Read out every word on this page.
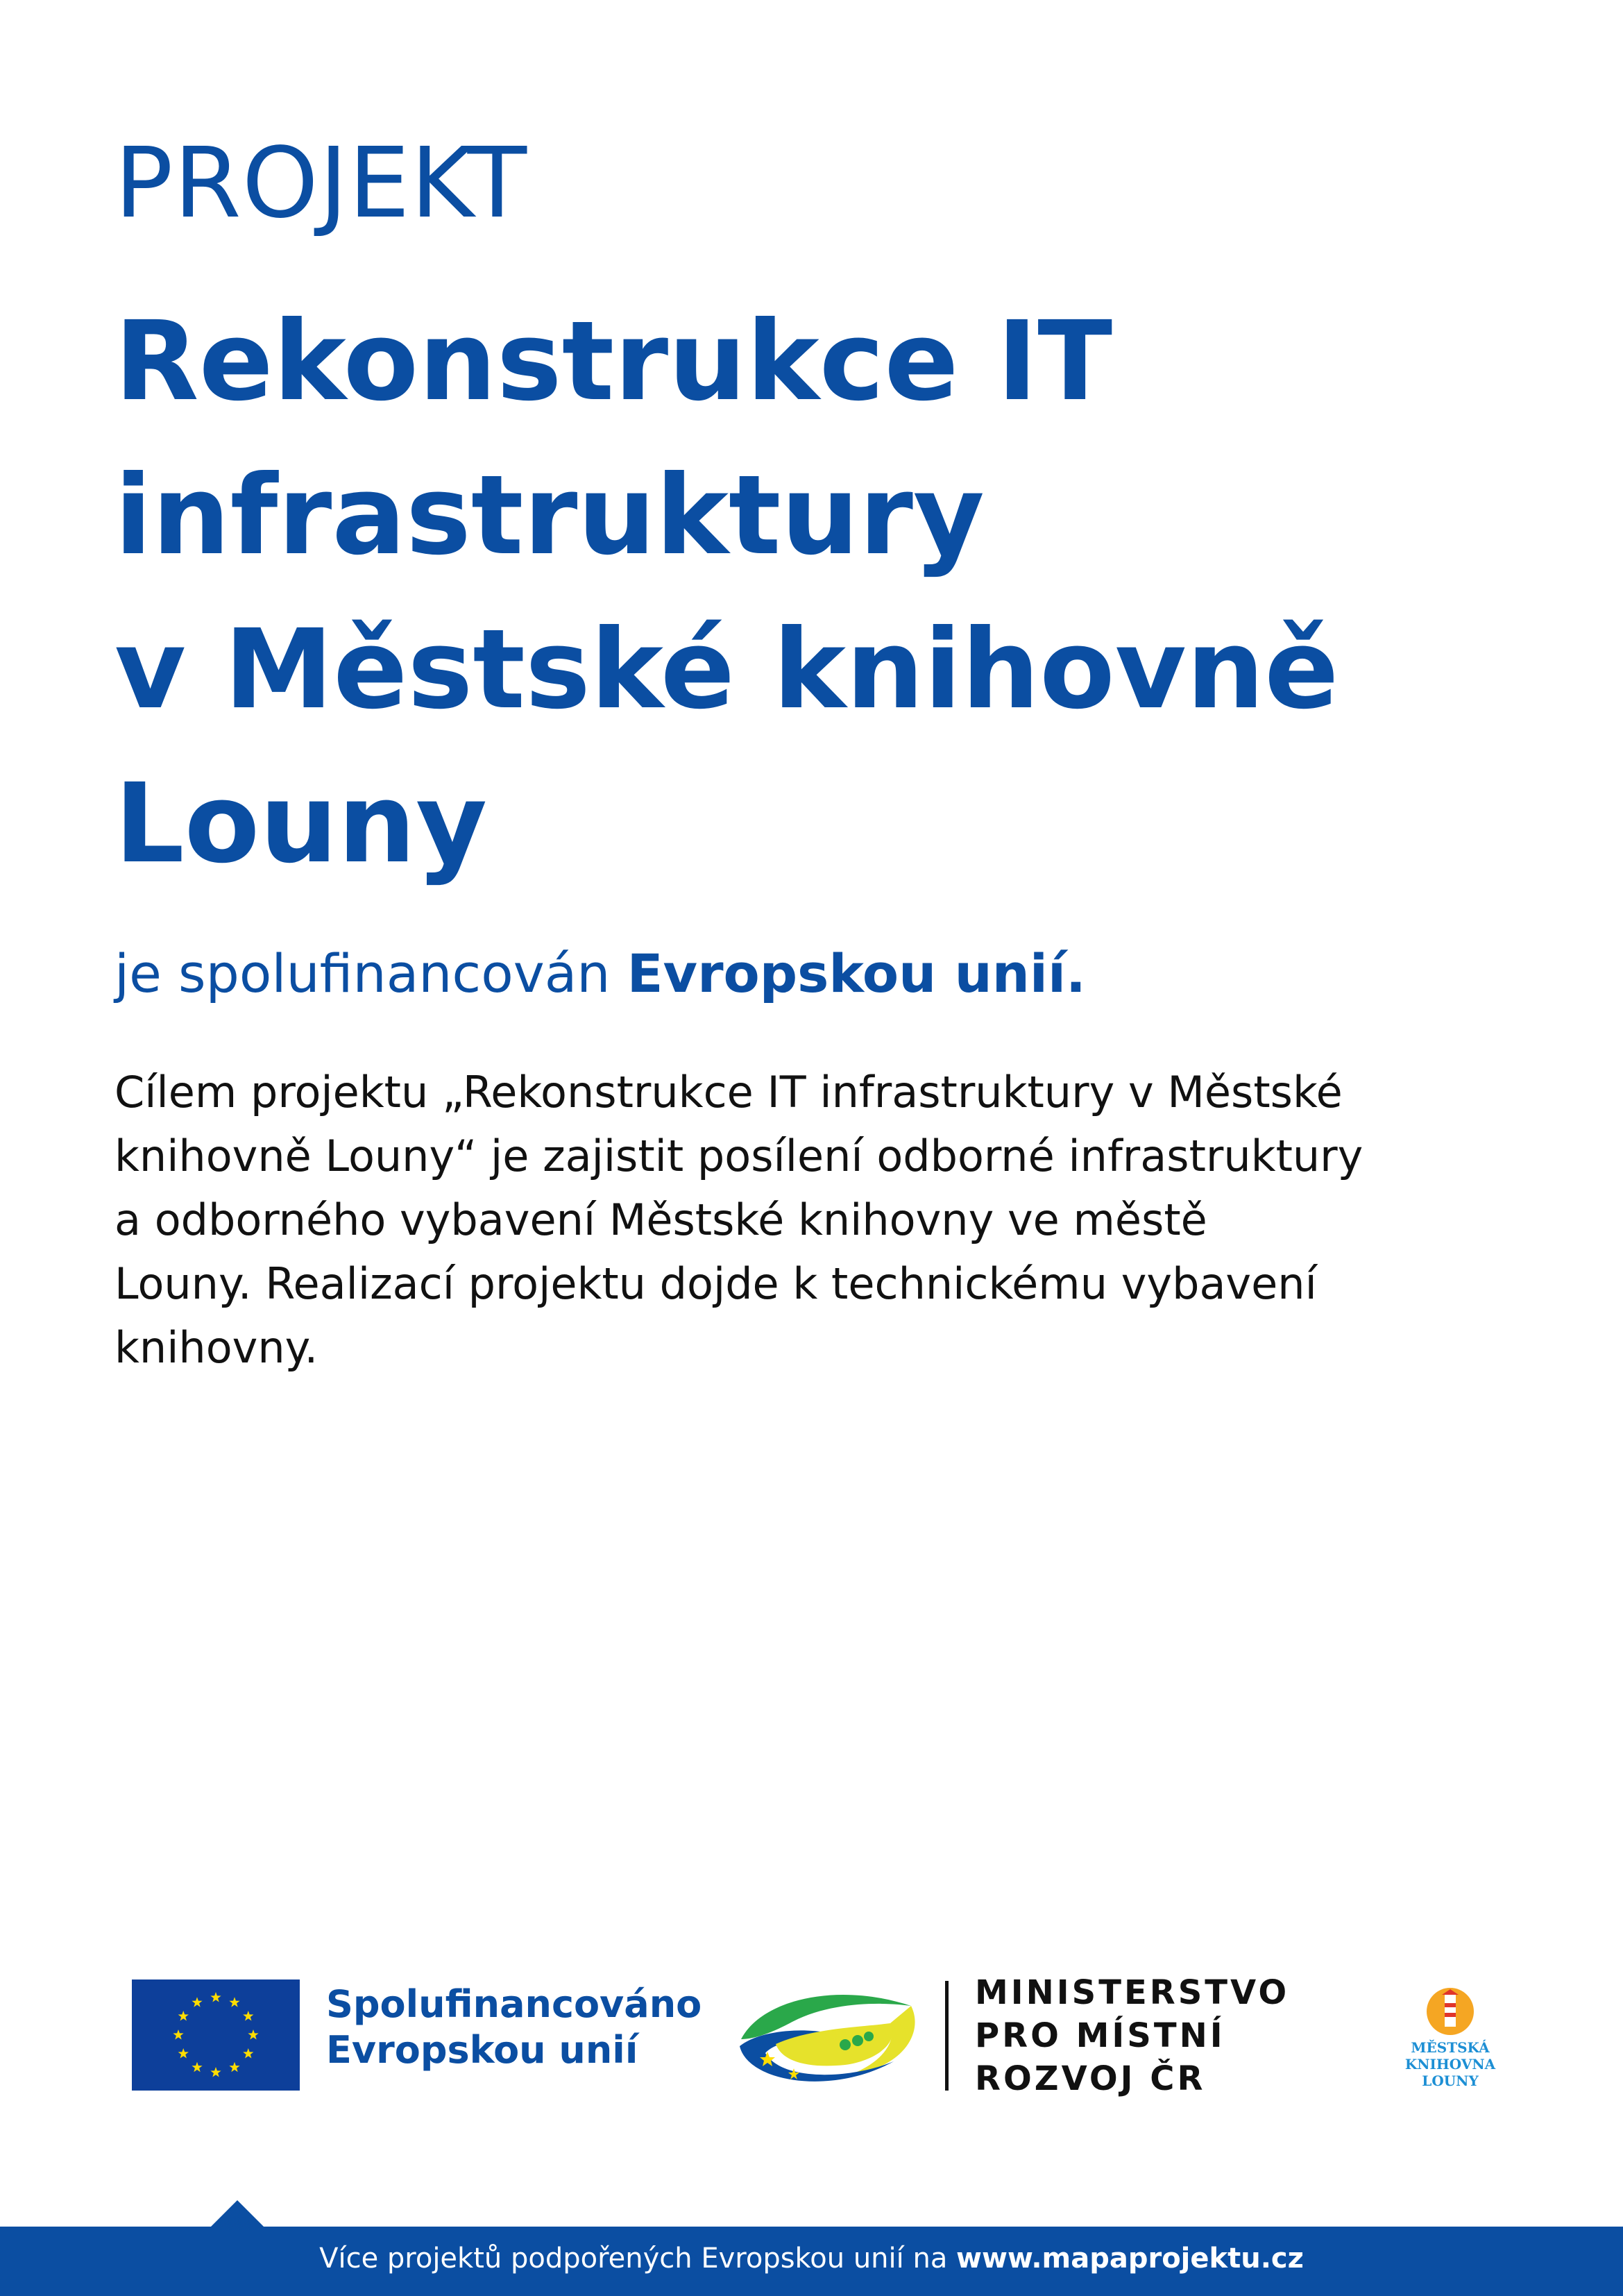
PROJEKT
Rekonstrukce IT
infrastruktury
v Městské knihovně
Louny

je spolufinancován Evropskou unií.

Cílem projektu „Rekonstrukce IT infrastruktury v Městské
knihovně Louny“ je zajistit posílení odborné infrastruktury
a odborného vybavení Městské knihovny ve městě
Louny. Realizací projektu dojde k technickému vybavení
knihovny.

Spolufinancováno
Evropskou unií
MINISTERSTVO
PRO MÍSTNÍ
ROZVOJ ČR
MĚSTSKÁ
KNIHOVNA
LOUNY
Více projektů podpořených Evropskou unií na www.mapaprojektu.cz
